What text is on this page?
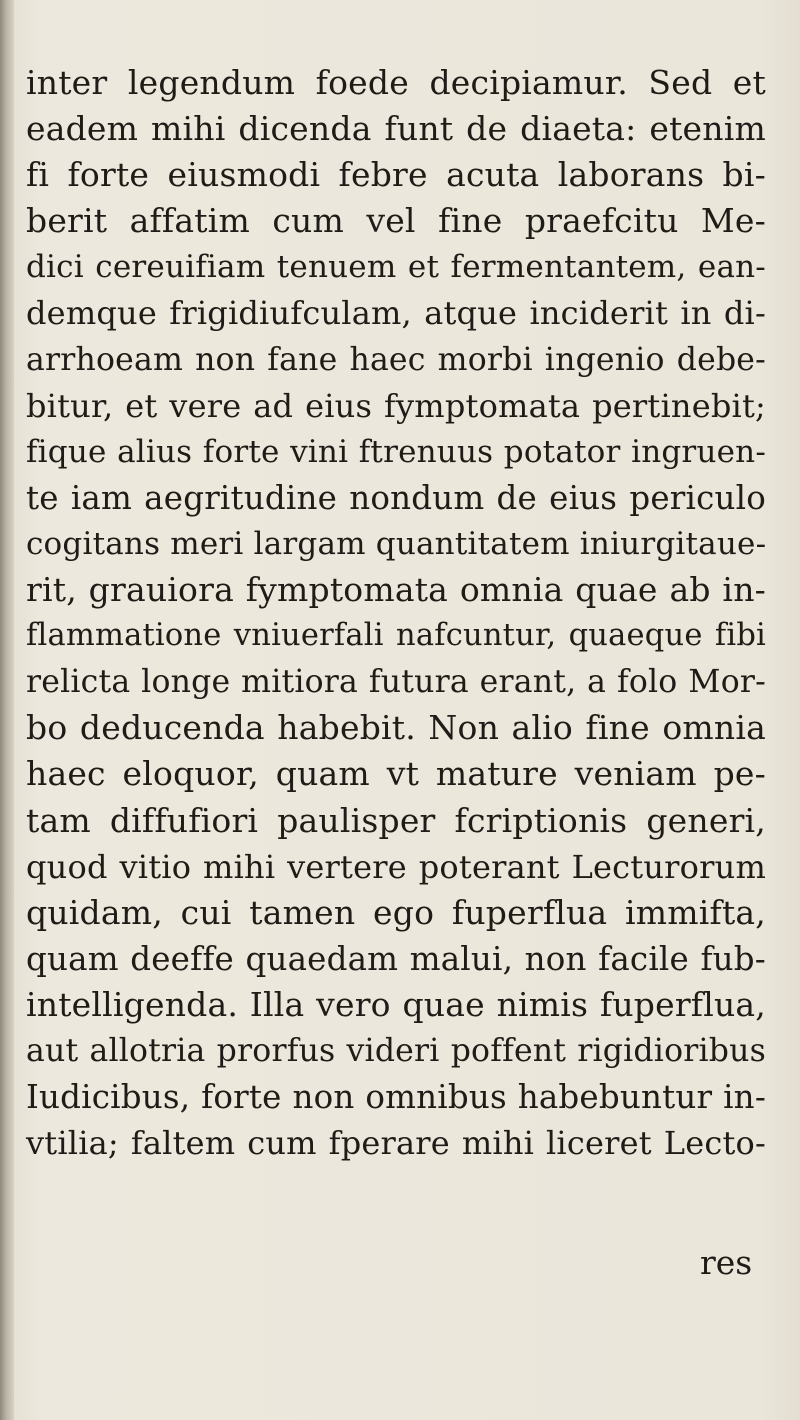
inter legendum foede decipiamur. Sed et
eadem mihi dicenda funt de diaeta: etenim
fi forte eiusmodi febre acuta laborans bi-
berit affatim cum vel fine praefcitu Me-
dici cereuifiam tenuem et fermentantem, ean-
demque frigidiufculam, atque inciderit in di-
arrhoeam non fane haec morbi ingenio debe-
bitur, et vere ad eius fymptomata pertinebit;
fique alius forte vini ftrenuus potator ingruen-
te iam aegritudine nondum de eius periculo
cogitans meri largam quantitatem iniurgitaue-
rit, grauiora fymptomata omnia quae ab in-
flammatione vniuerfali nafcuntur, quaeque fibi
relicta longe mitiora futura erant, a folo Mor-
bo deducenda habebit. Non alio fine omnia
haec eloquor, quam vt mature veniam pe-
tam diffufiori paulisper fcriptionis generi,
quod vitio mihi vertere poterant Lecturorum
quidam, cui tamen ego fuperflua immifta,
quam deeffe quaedam malui, non facile fub-
intelligenda. Illa vero quae nimis fuperflua,
aut allotria prorfus videri poffent rigidioribus
Iudicibus, forte non omnibus habebuntur in-
vtilia; faltem cum fperare mihi liceret Lecto-
res
